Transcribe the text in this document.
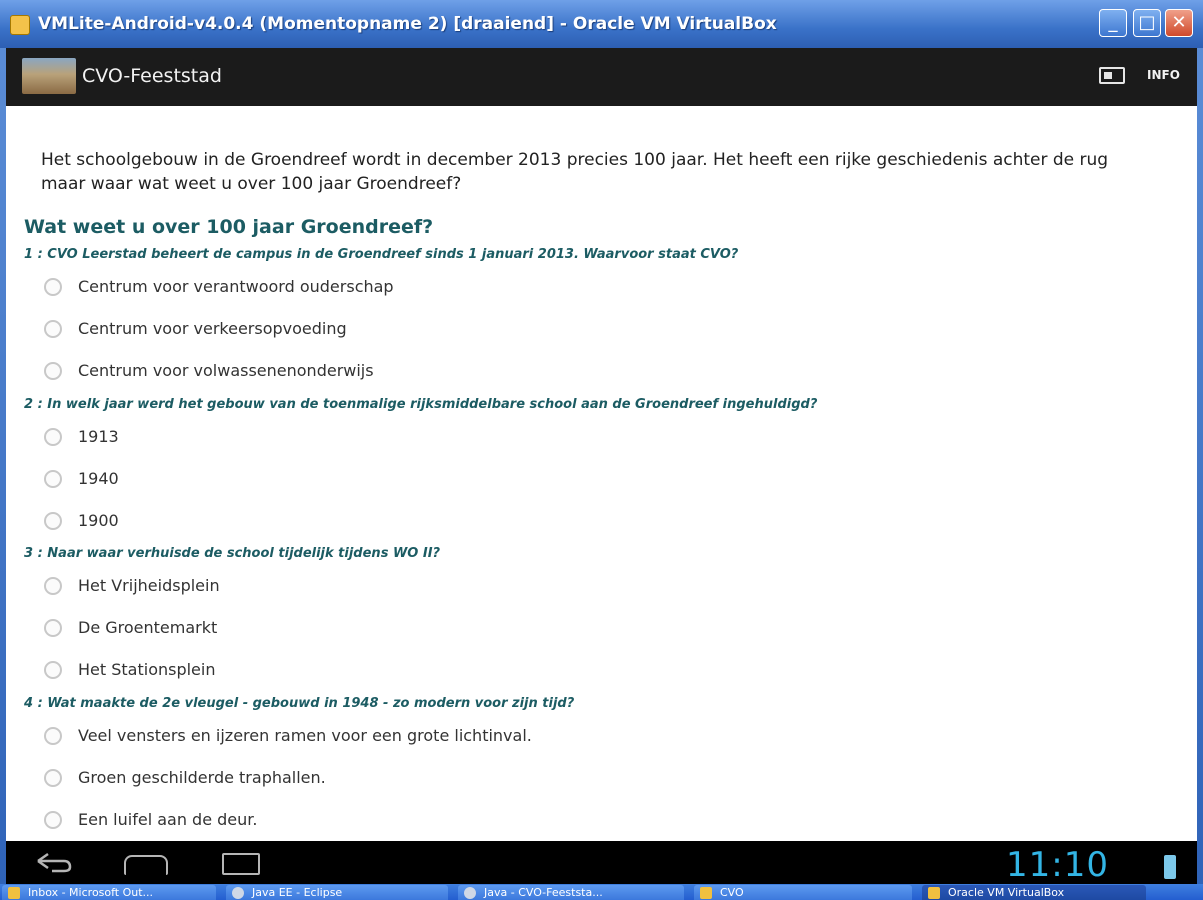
VMLite-Android-v4.0.4 (Momentopname 2) [draaiend] - Oracle VM VirtualBox	_	□ ✕
CVO-Feeststad	INFO
Het schoolgebouw in de Groendreef wordt in december 2013 precies 100 jaar. Het heeft een rijke geschiedenis achter de rug maar waar wat weet u over 100 jaar Groendreef?
Wat weet u over 100 jaar Groendreef?
1 : CVO Leerstad beheert de campus in de Groendreef sinds 1 januari 2013. Waarvoor staat CVO?
Centrum voor verantwoord ouderschap
Centrum voor verkeersopvoeding
Centrum voor volwassenenonderwijs
2 : In welk jaar werd het gebouw van de toenmalige rijksmiddelbare school aan de Groendreef ingehuldigd?
1913
1940
1900
3 : Naar waar verhuisde de school tijdelijk tijdens WO II?
Het Vrijheidsplein
De Groentemarkt
Het Stationsplein
4 : Wat maakte de 2e vleugel - gebouwd in 1948 - zo modern voor zijn tijd?
Veel vensters en ijzeren ramen voor een grote lichtinval.
Groen geschilderde traphallen.
Een luifel aan de deur.
11:10
Inbox - Microsoft Out...	Java EE - Eclipse	Java - CVO-Feeststa...	CVO	Oracle VM VirtualBox
